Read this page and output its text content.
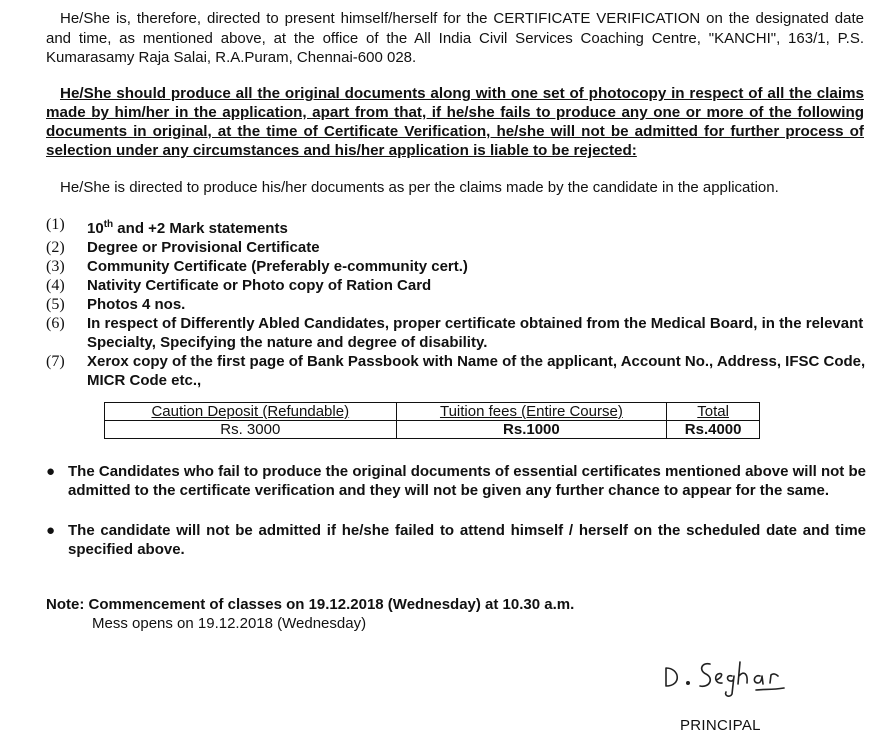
He/She is, therefore, directed to present himself/herself for the CERTIFICATE VERIFICATION on the designated date and time, as mentioned above, at the office of the All India Civil Services Coaching Centre, "KANCHI", 163/1, P.S. Kumarasamy Raja Salai, R.A.Puram, Chennai-600 028.
He/She should produce all the original documents along with one set of photocopy in respect of all the claims made by him/her in the application, apart from that, if he/she fails to produce any one or more of the following documents in original, at the time of Certificate Verification, he/she will not be admitted for further process of selection under any circumstances and his/her application is liable to be rejected:
He/She is directed to produce his/her documents as per the claims made by the candidate in the application.
(1)	10th and +2 Mark statements
(2)	Degree or Provisional Certificate
(3)	Community Certificate (Preferably e-community cert.)
(4)	Nativity Certificate or Photo copy of Ration Card
(5)	Photos 4 nos.
(6)	In respect of Differently Abled Candidates, proper certificate obtained from the Medical Board, in the relevant Specialty, Specifying the nature and degree of disability.
(7)	Xerox copy of the first page of Bank Passbook with Name of the applicant, Account No., Address, IFSC Code, MICR Code etc.,
Caution Deposit (Refundable)	Tuition fees (Entire Course)	Total
Rs. 3000	Rs.1000	Rs.4000
● The Candidates who fail to produce the original documents of essential certificates mentioned above will not be admitted to the certificate verification and they will not be given any further chance to appear for the same.
● The candidate will not be admitted if he/she failed to attend himself / herself on the scheduled date and time specified above.
Note: Commencement of classes on 19.12.2018 (Wednesday) at 10.30 a.m.
Mess opens on 19.12.2018 (Wednesday)
PRINCIPAL
